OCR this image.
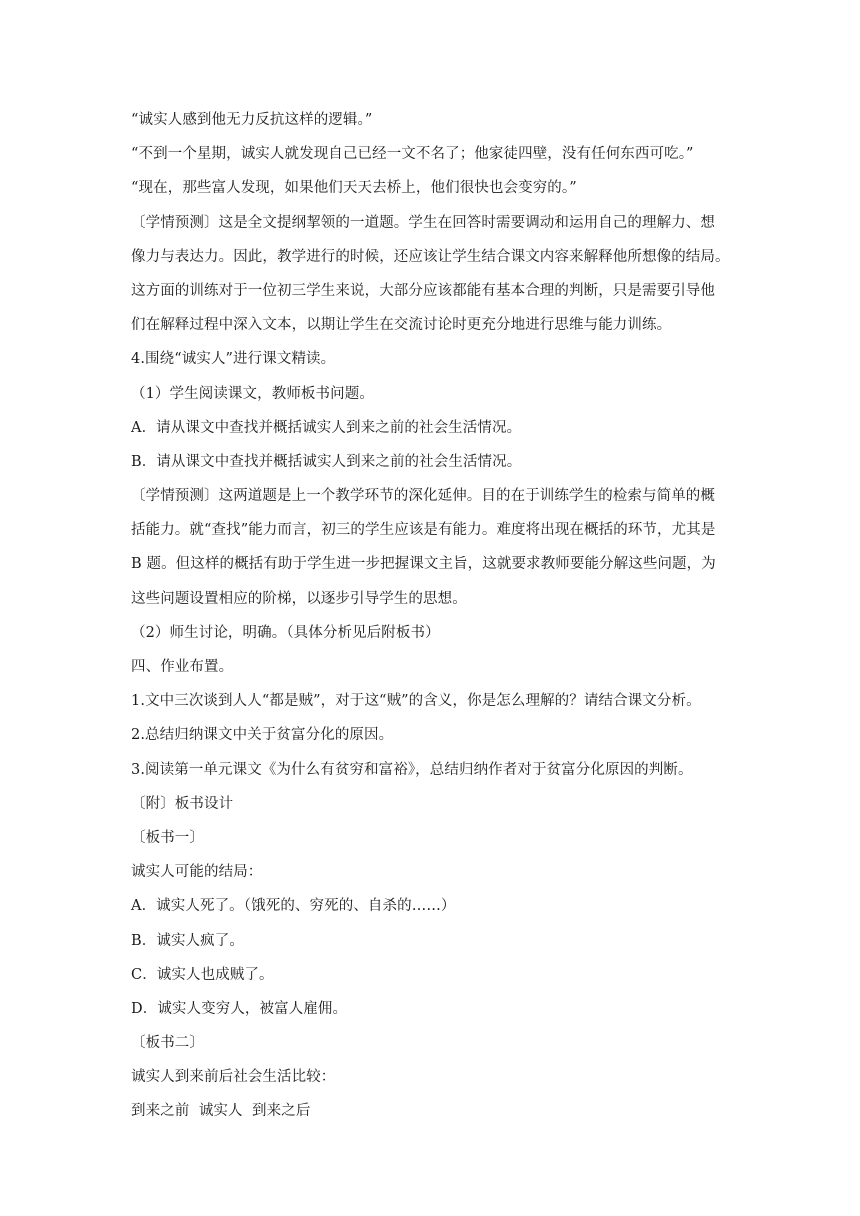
“诚实人感到他无力反抗这样的逻辑。”
“不到一个星期，诚实人就发现自己已经一文不名了；他家徒四壁，没有任何东西可吃。”
“现在，那些富人发现，如果他们天天去桥上，他们很快也会变穷的。”
〔学情预测〕这是全文提纲挈领的一道题。学生在回答时需要调动和运用自己的理解力、想
像力与表达力。因此，教学进行的时候，还应该让学生结合课文内容来解释他所想像的结局。
这方面的训练对于一位初三学生来说，大部分应该都能有基本合理的判断，只是需要引导他
们在解释过程中深入文本，以期让学生在交流讨论时更充分地进行思维与能力训练。
4.围绕“诚实人”进行课文精读。
（1）学生阅读课文，教师板书问题。
A．请从课文中查找并概括诚实人到来之前的社会生活情况。
B．请从课文中查找并概括诚实人到来之前的社会生活情况。
〔学情预测〕这两道题是上一个教学环节的深化延伸。目的在于训练学生的检索与简单的概
括能力。就“查找”能力而言，初三的学生应该是有能力。难度将出现在概括的环节，尤其是
B 题。但这样的概括有助于学生进一步把握课文主旨，这就要求教师要能分解这些问题，为
这些问题设置相应的阶梯，以逐步引导学生的思想。
（2）师生讨论，明确。（具体分析见后附板书）
四、作业布置。
1.文中三次谈到人人“都是贼”，对于这“贼”的含义，你是怎么理解的？请结合课文分析。
2.总结归纳课文中关于贫富分化的原因。
3.阅读第一单元课文《为什么有贫穷和富裕》，总结归纳作者对于贫富分化原因的判断。
〔附〕板书设计
〔板书一〕
诚实人可能的结局：
A．诚实人死了。（饿死的、穷死的、自杀的……）
B．诚实人疯了。
C．诚实人也成贼了。
D．诚实人变穷人，被富人雇佣。
〔板书二〕
诚实人到来前后社会生活比较：
到来之前  诚实人  到来之后
